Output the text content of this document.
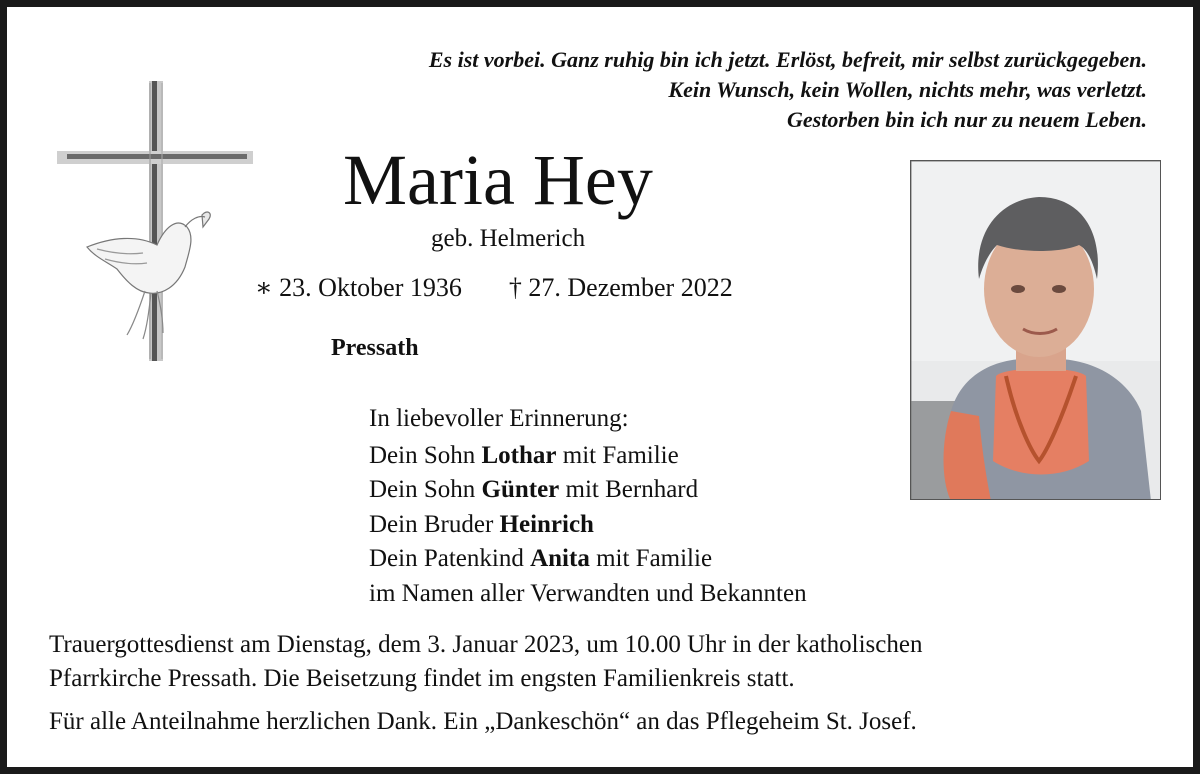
Es ist vorbei. Ganz ruhig bin ich jetzt. Erlöst, befreit, mir selbst zurückgegeben.
Kein Wunsch, kein Wollen, nichts mehr, was verletzt.
Gestorben bin ich nur zu neuem Leben.
Maria Hey
geb. Helmerich
∗ 23. Oktober 1936 † 27. Dezember 2022
Pressath
In liebevoller Erinnerung:
Dein Sohn Lothar mit Familie
Dein Sohn Günter mit Bernhard
Dein Bruder Heinrich
Dein Patenkind Anita mit Familie
im Namen aller Verwandten und Bekannten
Trauergottesdienst am Dienstag, dem 3. Januar 2023, um 10.00 Uhr in der katholischen
Pfarrkirche Pressath. Die Beisetzung findet im engsten Familienkreis statt.
Für alle Anteilnahme herzlichen Dank. Ein „Dankeschön“ an das Pflegeheim St. Josef.
